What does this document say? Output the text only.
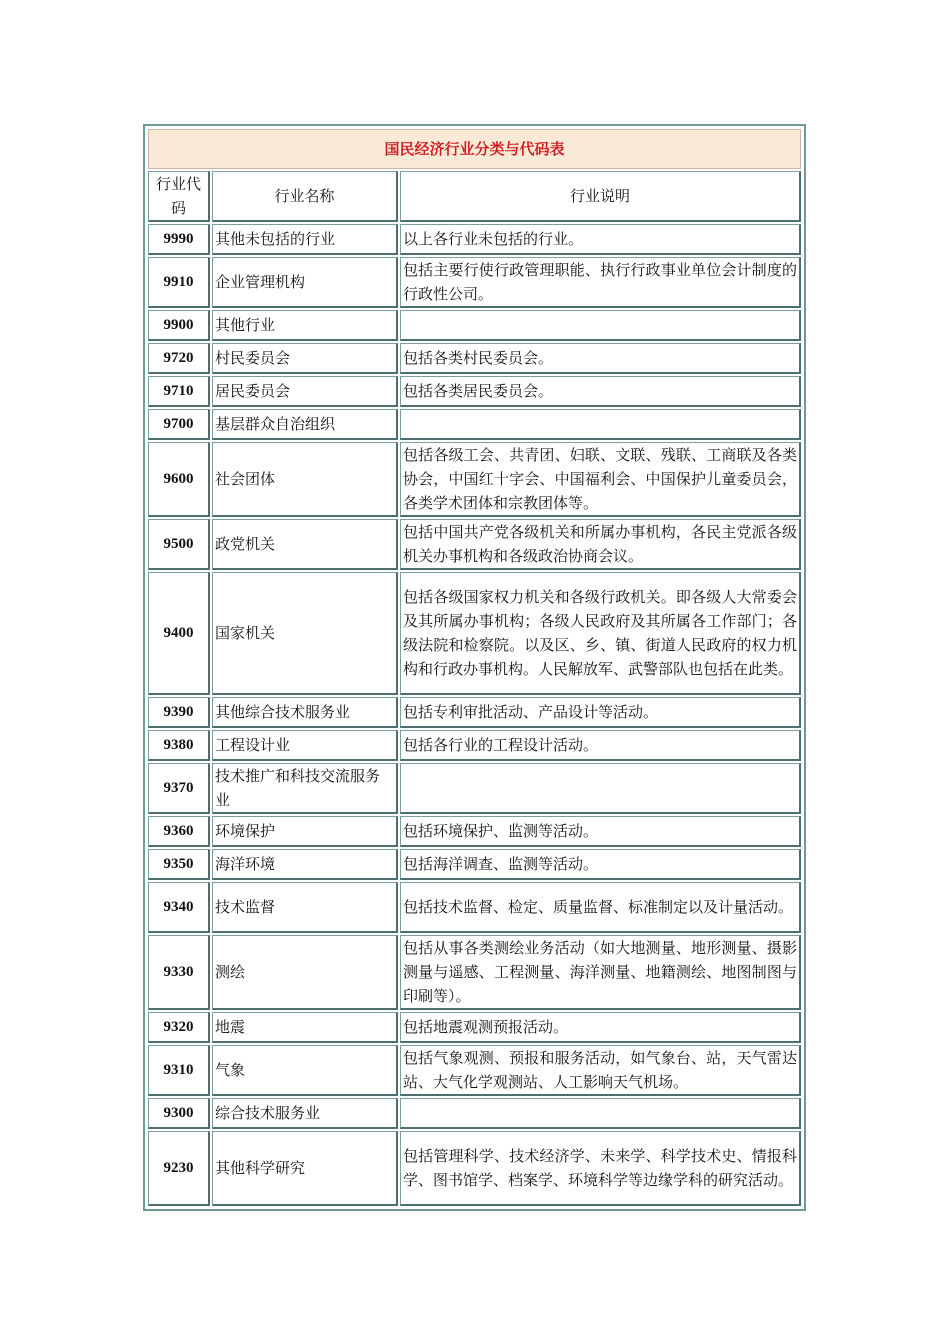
国民经济行业分类与代码表		
行业代码	行业名称	行业说明
9990	其他未包括的行业	以上各行业未包括的行业。
9910	企业管理机构	包括主要行使行政管理职能、执行行政事业单位会计制度的行政性公司。
9900	其他行业	
9720	村民委员会	包括各类村民委员会。
9710	居民委员会	包括各类居民委员会。
9700	基层群众自治组织	
9600	社会团体	包括各级工会、共青团、妇联、文联、残联、工商联及各类协会，中国红十字会、中国福利会、中国保护儿童委员会，各类学术团体和宗教团体等。
9500	政党机关	包括中国共产党各级机关和所属办事机构，各民主党派各级机关办事机构和各级政治协商会议。
9400	国家机关	包括各级国家权力机关和各级行政机关。即各级人大常委会及其所属办事机构；各级人民政府及其所属各工作部门；各级法院和检察院。以及区、乡、镇、街道人民政府的权力机构和行政办事机构。人民解放军、武警部队也包括在此类。
9390	其他综合技术服务业	包括专利审批活动、产品设计等活动。
9380	工程设计业	包括各行业的工程设计活动。
9370	技术推广和科技交流服务业	
9360	环境保护	包括环境保护、监测等活动。
9350	海洋环境	包括海洋调查、监测等活动。
9340	技术监督	包括技术监督、检定、质量监督、标准制定以及计量活动。
9330	测绘	包括从事各类测绘业务活动（如大地测量、地形测量、摄影测量与遥感、工程测量、海洋测量、地籍测绘、地图制图与印刷等）。
9320	地震	包括地震观测预报活动。
9310	气象	包括气象观测、预报和服务活动，如气象台、站，天气雷达站、大气化学观测站、人工影响天气机场。
9300	综合技术服务业	
9230	其他科学研究	包括管理科学、技术经济学、未来学、科学技术史、情报科学、图书馆学、档案学、环境科学等边缘学科的研究活动。
